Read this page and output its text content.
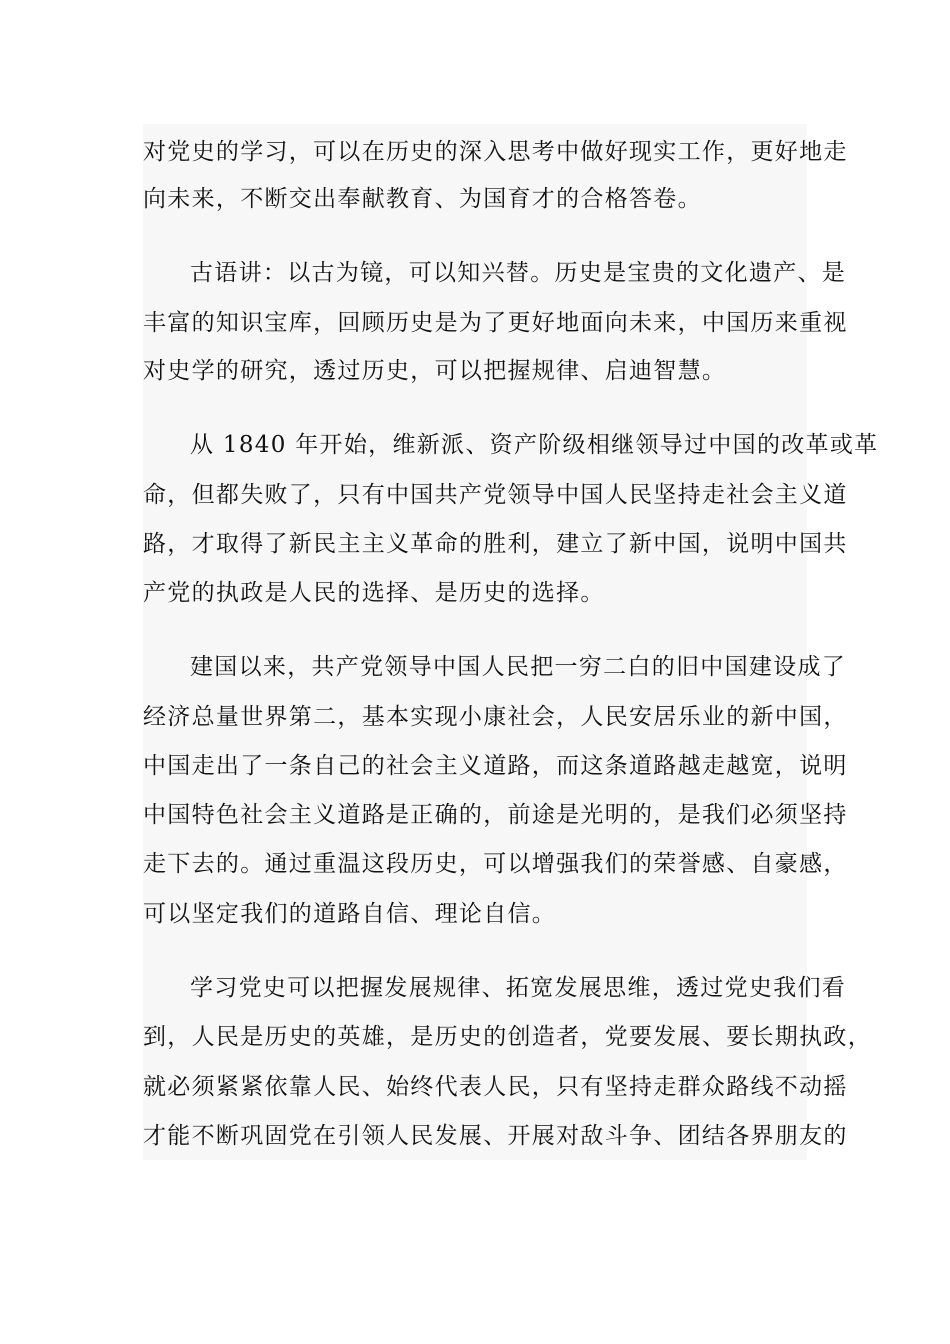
对党史的学习，可以在历史的深入思考中做好现实工作，更好地走
向未来，不断交出奉献教育、为国育才的合格答卷。
古语讲：以古为镜，可以知兴替。历史是宝贵的文化遗产、是
丰富的知识宝库，回顾历史是为了更好地面向未来，中国历来重视
对史学的研究，透过历史，可以把握规律、启迪智慧。
从 1840 年开始，维新派、资产阶级相继领导过中国的改革或革
命，但都失败了，只有中国共产党领导中国人民坚持走社会主义道
路，才取得了新民主主义革命的胜利，建立了新中国，说明中国共
产党的执政是人民的选择、是历史的选择。
建国以来，共产党领导中国人民把一穷二白的旧中国建设成了
经济总量世界第二，基本实现小康社会，人民安居乐业的新中国，
中国走出了一条自己的社会主义道路，而这条道路越走越宽，说明
中国特色社会主义道路是正确的，前途是光明的，是我们必须坚持
走下去的。通过重温这段历史，可以增强我们的荣誉感、自豪感，
可以坚定我们的道路自信、理论自信。
学习党史可以把握发展规律、拓宽发展思维，透过党史我们看
到，人民是历史的英雄，是历史的创造者，党要发展、要长期执政，
就必须紧紧依靠人民、始终代表人民，只有坚持走群众路线不动摇
才能不断巩固党在引领人民发展、开展对敌斗争、团结各界朋友的
